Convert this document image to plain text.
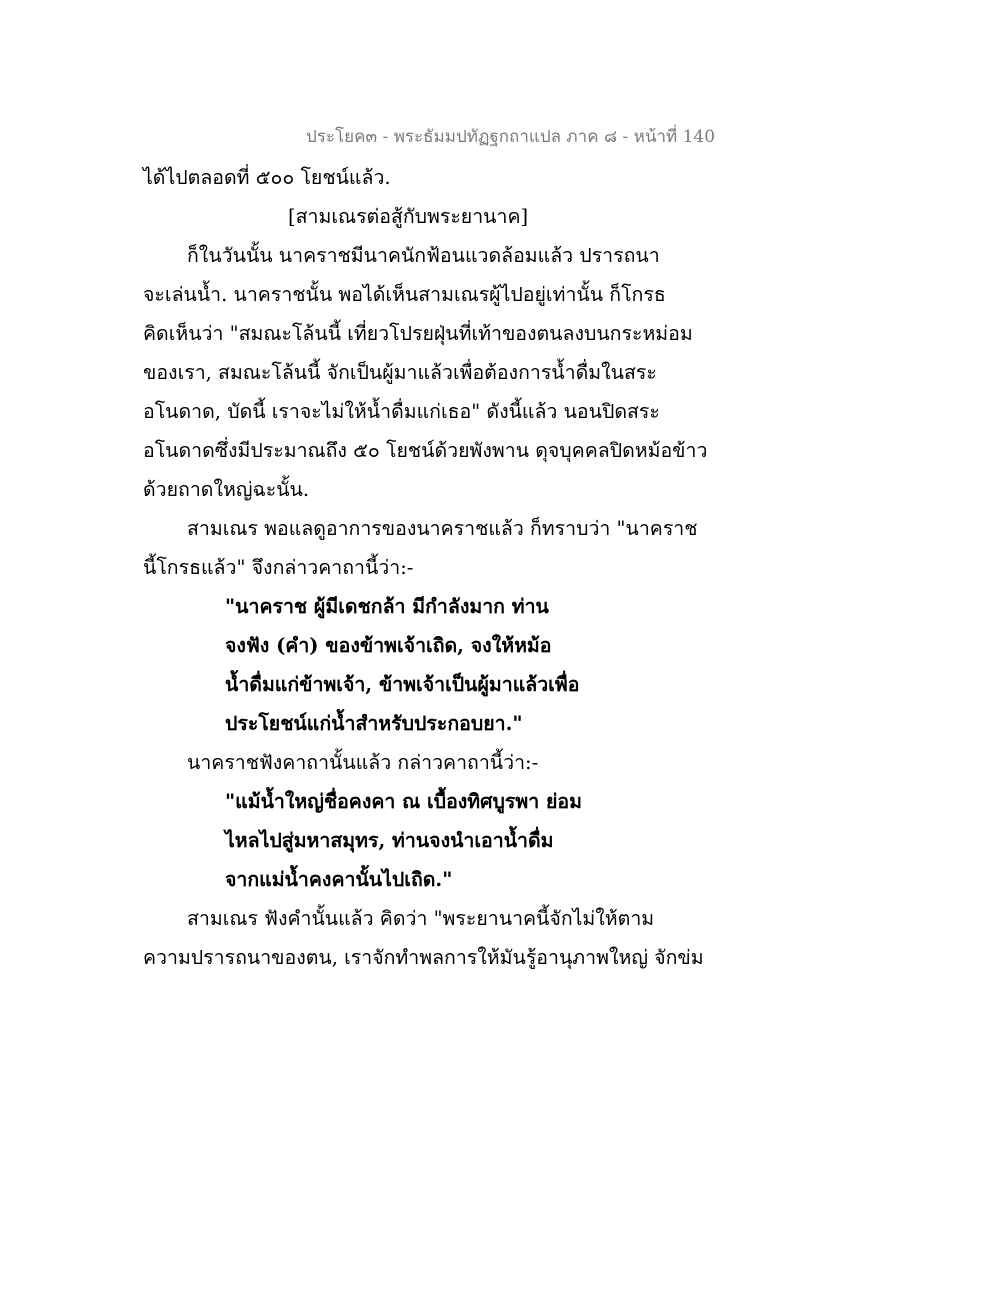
ประโยค๓ - พระธัมมปทัฏฐกถาแปล ภาค ๘ - หน้าที่ 140
ได้ไปตลอดที่ ๕๐๐ โยชน์แล้ว.
[สามเณรต่อสู้กับพระยานาค]
ก็ในวันนั้น นาคราชมีนาคนักฟ้อนแวดล้อมแล้ว ปรารถนา
จะเล่นน้ำ. นาคราชนั้น พอได้เห็นสามเณรผู้ไปอยู่เท่านั้น ก็โกรธ
คิดเห็นว่า "สมณะโล้นนี้ เที่ยวโปรยฝุ่นที่เท้าของตนลงบนกระหม่อม
ของเรา, สมณะโล้นนี้ จักเป็นผู้มาแล้วเพื่อต้องการน้ำดื่มในสระ
อโนดาด, บัดนี้ เราจะไม่ให้น้ำดื่มแก่เธอ" ดังนี้แล้ว นอนปิดสระ
อโนดาดซึ่งมีประมาณถึง ๕๐ โยชน์ด้วยพังพาน ดุจบุคคลปิดหม้อข้าว
ด้วยถาดใหญ่ฉะนั้น.
สามเณร พอแลดูอาการของนาคราชแล้ว ก็ทราบว่า "นาคราช
นี้โกรธแล้ว" จึงกล่าวคาถานี้ว่า:-
"นาคราช ผู้มีเดชกล้า มีกำลังมาก ท่าน
จงฟัง (คำ) ของข้าพเจ้าเถิด, จงให้หม้อ
น้ำดื่มแก่ข้าพเจ้า, ข้าพเจ้าเป็นผู้มาแล้วเพื่อ
ประโยชน์แก่น้ำสำหรับประกอบยา."
นาคราชฟังคาถานั้นแล้ว กล่าวคาถานี้ว่า:-
"แม้น้ำใหญ่ชื่อคงคา ณ เบื้องทิศบูรพา ย่อม
ไหลไปสู่มหาสมุทร, ท่านจงนำเอาน้ำดื่ม
จากแม่น้ำคงคานั้นไปเถิด."
สามเณร ฟังคำนั้นแล้ว คิดว่า "พระยานาคนี้จักไม่ให้ตาม
ความปรารถนาของตน, เราจักทำพลการให้มันรู้อานุภาพใหญ่ จักข่ม
